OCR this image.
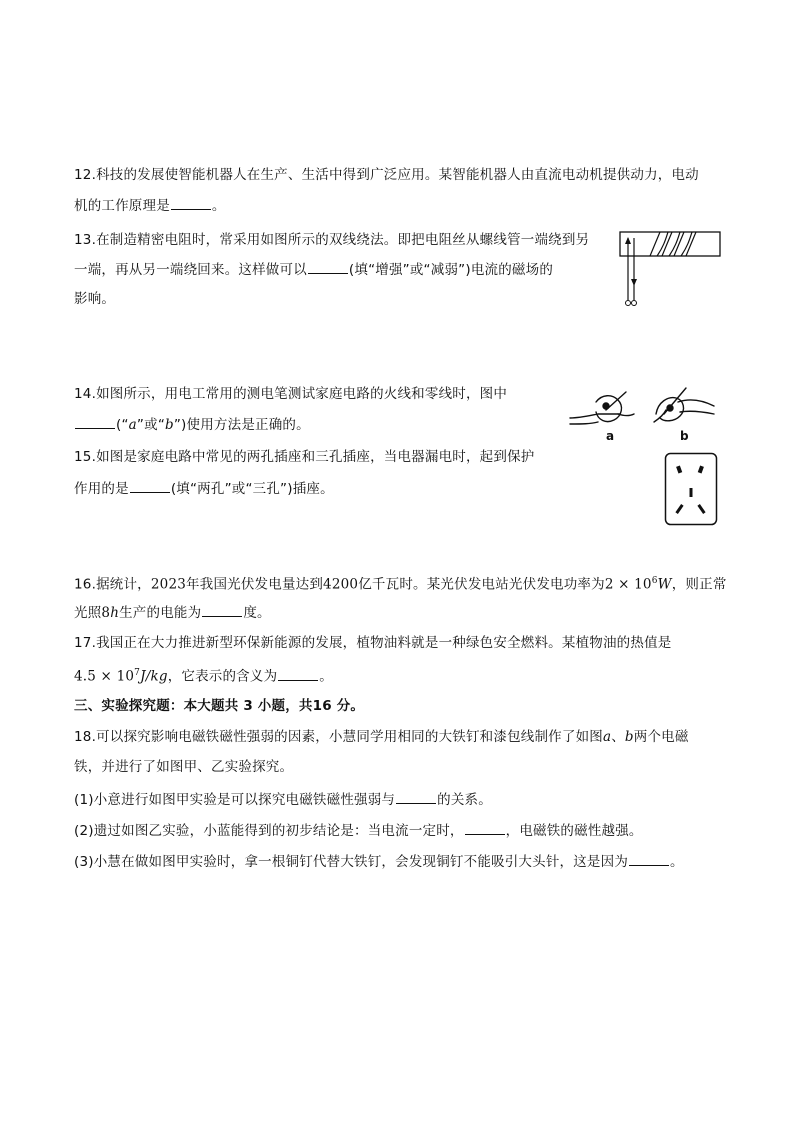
12.科技的发展使智能机器人在生产、生活中得到广泛应用。某智能机器人由直流电动机提供动力，电动
机的工作原理是	。
13.在制造精密电阻时，常采用如图所示的双线绕法。即把电阻丝从螺线管一端绕到另
一端，再从另一端绕回来。这样做可以	(填“增强”或“减弱”)电流的磁场的
影响。
14.如图所示，用电工常用的测电笔测试家庭电路的火线和零线时，图中
(“a”或“b”)使用方法是正确的。
a	b
15.如图是家庭电路中常见的两孔插座和三孔插座，当电器漏电时，起到保护
作用的是	(填“两孔”或“三孔”)插座。
16.据统计，2023年我国光伏发电量达到4200亿千瓦时。某光伏发电站光伏发电功率为$2 \times 10^6W$，则正常
光照8h生产的电能为	度。
17.我国正在大力推进新型环保新能源的发展，植物油料就是一种绿色安全燃料。某植物油的热值是
$4.5 \times 10^7J/kg$，它表示的含义为	。
三、实验探究题：本大题共 3 小题，共16 分。
18.可以探究影响电磁铁磁性强弱的因素，小慧同学用相同的大铁钉和漆包线制作了如图a、b两个电磁
铁，并进行了如图甲、乙实验探究。
(1)小意进行如图甲实验是可以探究电磁铁磁性强弱与	的关系。
(2)遗过如图乙实验，小蓝能得到的初步结论是：当电流一定时，	，电磁铁的磁性越强。
(3)小慧在做如图甲实验时，拿一根铜钉代替大铁钉，会发现铜钉不能吸引大头针，这是因为	。
